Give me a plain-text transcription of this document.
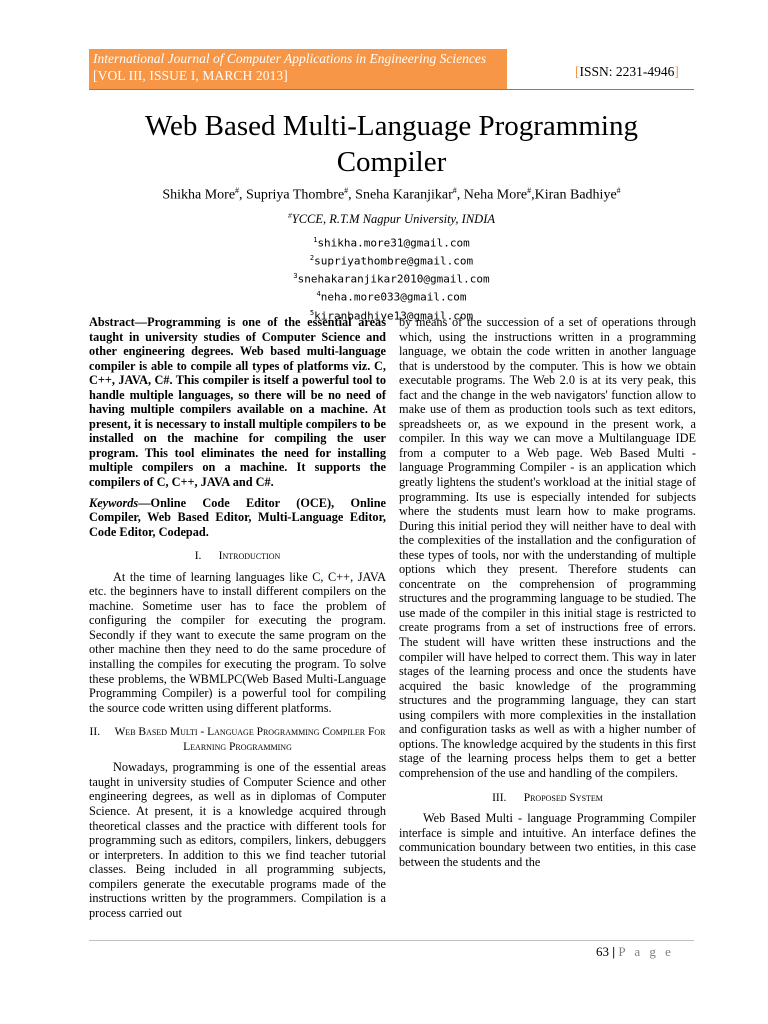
International Journal of Computer Applications in Engineering Sciences
[VOL III, ISSUE I, MARCH 2013]	[ISSN: 2231-4946]
Web Based Multi-Language Programming Compiler
Shikha More#, Supriya Thombre#, Sneha Karanjikar#, Neha More#,Kiran Badhiye#
#YCCE, R.T.M Nagpur University, INDIA
$^1$shikha.more31@gmail.com
$^2$supriyathombre@gmail.com
$^3$snehakaranjikar2010@gmail.com
$^4$neha.more033@gmail.com
$^5$kiranbadhiye13@gmail.com

Abstract—Programming is one of the essential areas taught in university studies of Computer Science and other engineering degrees. Web based multi-language compiler is able to compile all types of platforms viz. C, C++, JAVA, C#. This compiler is itself a powerful tool to handle multiple languages, so there will be no need of having multiple compilers available on a machine. At present, it is necessary to install multiple compilers to be installed on the machine for compiling the user program. This tool eliminates the need for installing multiple compilers on a machine. It supports the compilers of C, C++, JAVA and C#.

Keywords—Online Code Editor (OCE), Online Compiler, Web Based Editor, Multi-Language Editor, Code Editor, Codepad.

I. Introduction

At the time of learning languages like C, C++, JAVA etc. the beginners have to install different compilers on the machine. Sometime user has to face the problem of configuring the compiler for executing the program. Secondly if they want to execute the same program on the other machine then they need to do the same procedure of installing the compiles for executing the program. To solve these problems, the WBMLPC(Web Based Multi-Language Programming Compiler) is a powerful tool for compiling the source code written using different platforms.

II. Web Based Multi - Language Programming Compiler For Learning Programming

Nowadays, programming is one of the essential areas taught in university studies of Computer Science and other engineering degrees, as well as in diplomas of Computer Science. At present, it is a knowledge acquired through theoretical classes and the practice with different tools for programming such as editors, compilers, linkers, debuggers or interpreters. In addition to this we find teacher tutorial classes. Being included in all programming subjects, compilers generate the executable programs made of the instructions written by the programmers. Compilation is a process carried out

by means of the succession of a set of operations through which, using the instructions written in a programming language, we obtain the code written in another language that is understood by the computer. This is how we obtain executable programs. The Web 2.0 is at its very peak, this fact and the change in the web navigators' function allow to make use of them as production tools such as text editors, spreadsheets or, as we expound in the present work, a compiler. In this way we can move a Multilanguage IDE from a computer to a Web page. Web Based Multi - language Programming Compiler - is an application which greatly lightens the student's workload at the initial stage of programming. Its use is especially intended for subjects where the students must learn how to make programs. During this initial period they will neither have to deal with the complexities of the installation and the configuration of these types of tools, nor with the understanding of multiple options which they present. Therefore students can concentrate on the comprehension of programming structures and the programming language to be studied. The use made of the compiler in this initial stage is restricted to create programs from a set of instructions free of errors. The student will have written these instructions and the compiler will have helped to correct them. This way in later stages of the learning process and once the students have acquired the basic knowledge of the programming structures and the programming language, they can start using compilers with more complexities in the installation and configuration tasks as well as with a higher number of options. The knowledge acquired by the students in this first stage of the learning process helps them to get a better comprehension of the use and handling of the compilers.

III. Proposed System

Web Based Multi - language Programming Compiler interface is simple and intuitive. An interface defines the communication boundary between two entities, in this case between the students and the

63 | P a g e
